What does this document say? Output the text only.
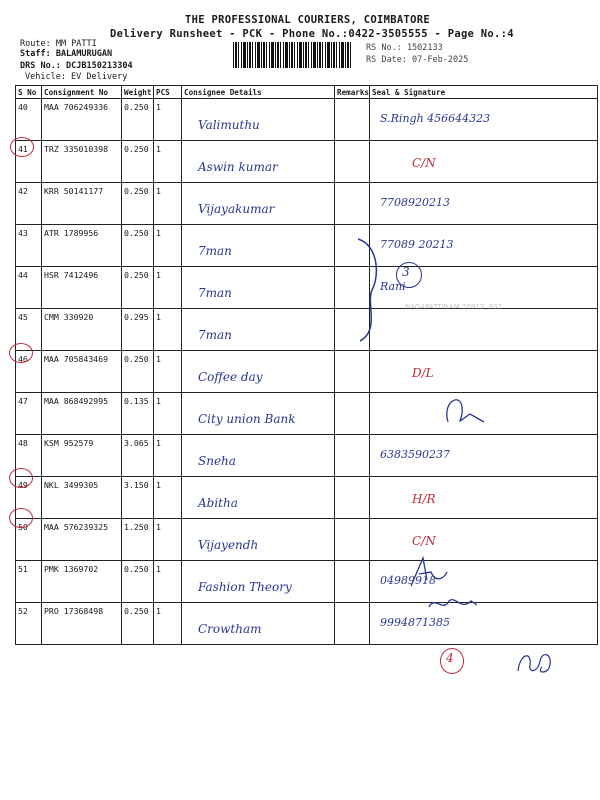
THE PROFESSIONAL COURIERS, COIMBATORE
Delivery Runsheet - PCK - Phone No.:0422-3505555 - Page No.:4
Route: MM PATTI
Staff: BALAMURUGAN
DRS No.: DCJB150213304
Vehicle: EV Delivery
RS No.: 1502133
RS Date: 07-Feb-2025
S No	Consignment No	Weight	PCS	Consignee Details	Remarks	Seal & Signature
40	MAA 706249336	0.250	1	Valimuthu		S.Ringh 456644323
41	TRZ 335010398	0.250	1	Aswin kumar		C/N
42	KRR 50141177	0.250	1	Vijayakumar		7708920213
43	ATR 1789956	0.250	1	7man		77089 20213
44	HSR 7412496	0.250	1	7man		Rani
45	CMM 330920	0.295	1	7man		
46	MAA 705843469	0.250	1	Coffee day		D/L
47	MAA 868492995	0.135	1	City union Bank		
48	KSM 952579	3.065	1	Sneha		6383590237
49	NKL 3499305	3.150	1	Abitha		H/R
50	MAA 576239325	1.250	1	Vijayendh		C/N
51	PMK 1369702	0.250	1	Fashion Theory		04989918
52	PRO 17368498	0.250	1	Crowtham		9994871385
3
NAGAPATTINAM 20913, 932
4
